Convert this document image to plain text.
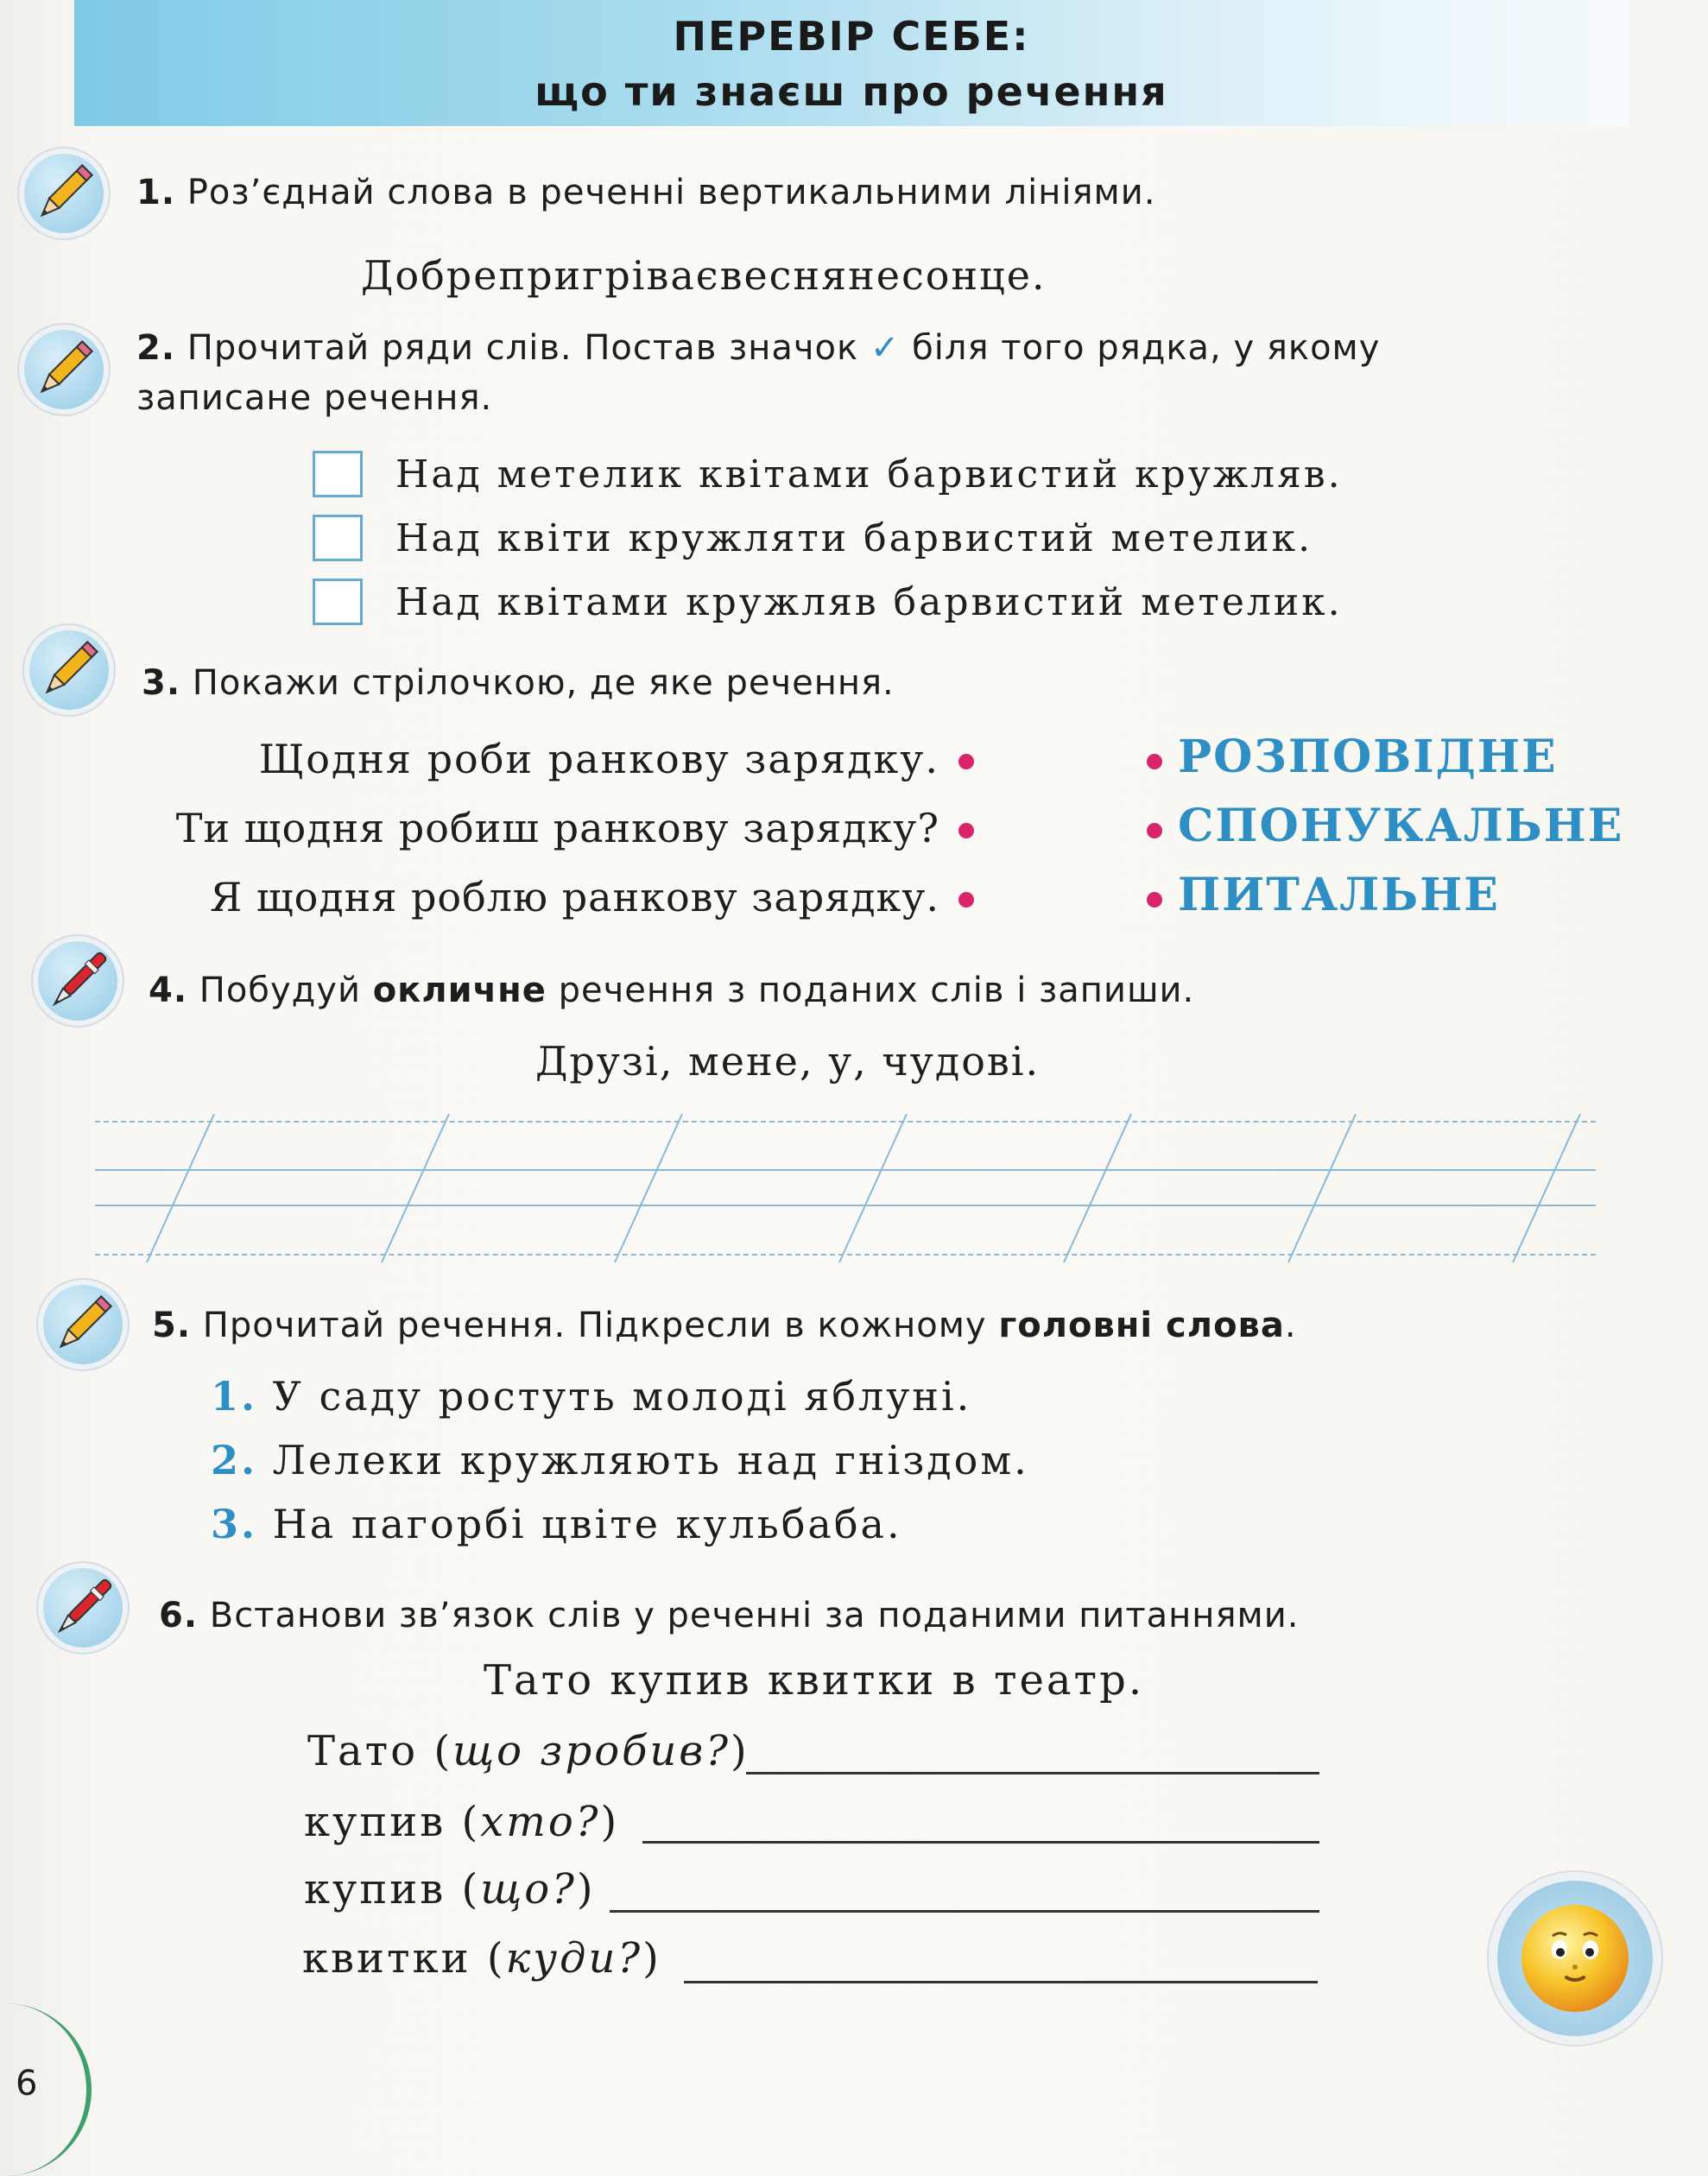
ПЕРЕВІР СЕБЕ:
що ти знаєш про речення
1. Роз’єднай слова в реченні вертикальними лініями.
Добрепригріваєвеснянесонце.
2. Прочитай ряди слів. Постав значок ✓ біля того рядка, у якому
записане речення.
Над метелик квітами барвистий кружляв.
Над квіти кружляти барвистий метелик.
Над квітами кружляв барвистий метелик.
3. Покажи стрілочкою, де яке речення.
Щодня роби ранкову зарядку.
Ти щодня робиш ранкову зарядку?
Я щодня роблю ранкову зарядку.
РОЗПОВІДНЕ
СПОНУКАЛЬНЕ
ПИТАЛЬНЕ
4. Побудуй окличне речення з поданих слів і запиши.
Друзі, мене, у, чудові.
5. Прочитай речення. Підкресли в кожному головні слова.
1. У саду ростуть молоді яблуні.
2. Лелеки кружляють над гніздом.
3. На пагорбі цвіте кульбаба.
6. Встанови зв’язок слів у реченні за поданими питаннями.
Тато купив квитки в театр.
Тато (що зробив?)
купив (хто?)
купив (що?)
квитки (куди?)
6
